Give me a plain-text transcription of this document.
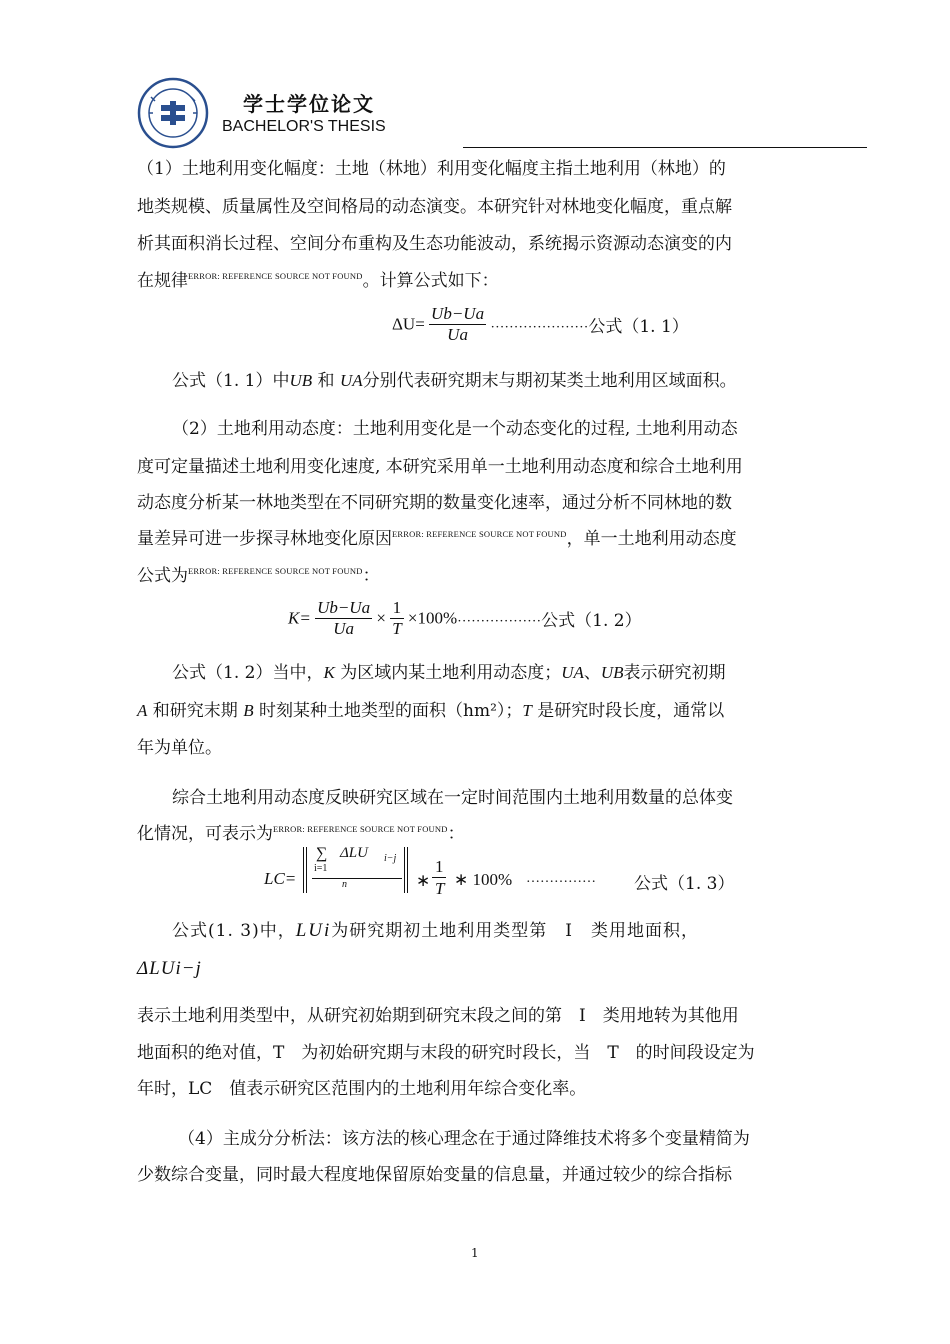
学士学位论文
BACHELOR'S THESIS
（1）土地利用变化幅度：土地（林地）利用变化幅度主指土地利用（林地）的
地类规模、质量属性及空间格局的动态演变。本研究针对林地变化幅度，重点解
析其面积消长过程、空间分布重构及生态功能波动，系统揭示资源动态演变的内
在规律$^{ERROR: REFERENCE SOURCE NOT FOUND}$。计算公式如下：
$\Delta U= \frac{Ub-Ua}{Ua}$ …………………公式（1. 1）
公式（1. 1）中UB 和 UA分别代表研究期末与期初某类土地利用区域面积。
（2）土地利用动态度：土地利用变化是一个动态变化的过程, 土地利用动态
度可定量描述土地利用变化速度, 本研究采用单一土地利用动态度和综合土地利用
动态度分析某一林地类型在不同研究期的数量变化速率，通过分析不同林地的数
量差异可进一步探寻林地变化原因$^{ERROR: REFERENCE SOURCE NOT FOUND}$，单一土地利用动态度
公式为$^{ERROR: REFERENCE SOURCE NOT FOUND}$：
$K= \frac{Ub-Ua}{Ua} \times \frac{1}{T}$ ×100%………………公式（1. 2）
公式（1. 2）当中，K 为区域内某土地利用动态度；UA、UB表示研究初期
A 和研究末期 B 时刻某种土地类型的面积（hm²）；T 是研究时段长度，通常以
年为单位。
综合土地利用动态度反映研究区域在一定时间范围内土地利用数量的总体变
化情况，可表示为$^{ERROR: REFERENCE SOURCE NOT FOUND}$：
LC=
∑
i=1
ΔLU i−j
n	∗
1
T ∗ 100% …………… 公式（1. 3）
公式(1. 3)中，LUi为研究期初土地利用类型第　I　类用地面积，
ΔLUi−j
表示土地利用类型中，从研究初始期到研究末段之间的第　I　类用地转为其他用
地面积的绝对值，T　为初始研究期与末段的研究时段长，当　T　的时间段设定为
年时，LC　值表示研究区范围内的土地利用年综合变化率。
（4）主成分分析法：该方法的核心理念在于通过降维技术将多个变量精简为
少数综合变量，同时最大程度地保留原始变量的信息量，并通过较少的综合指标
1
